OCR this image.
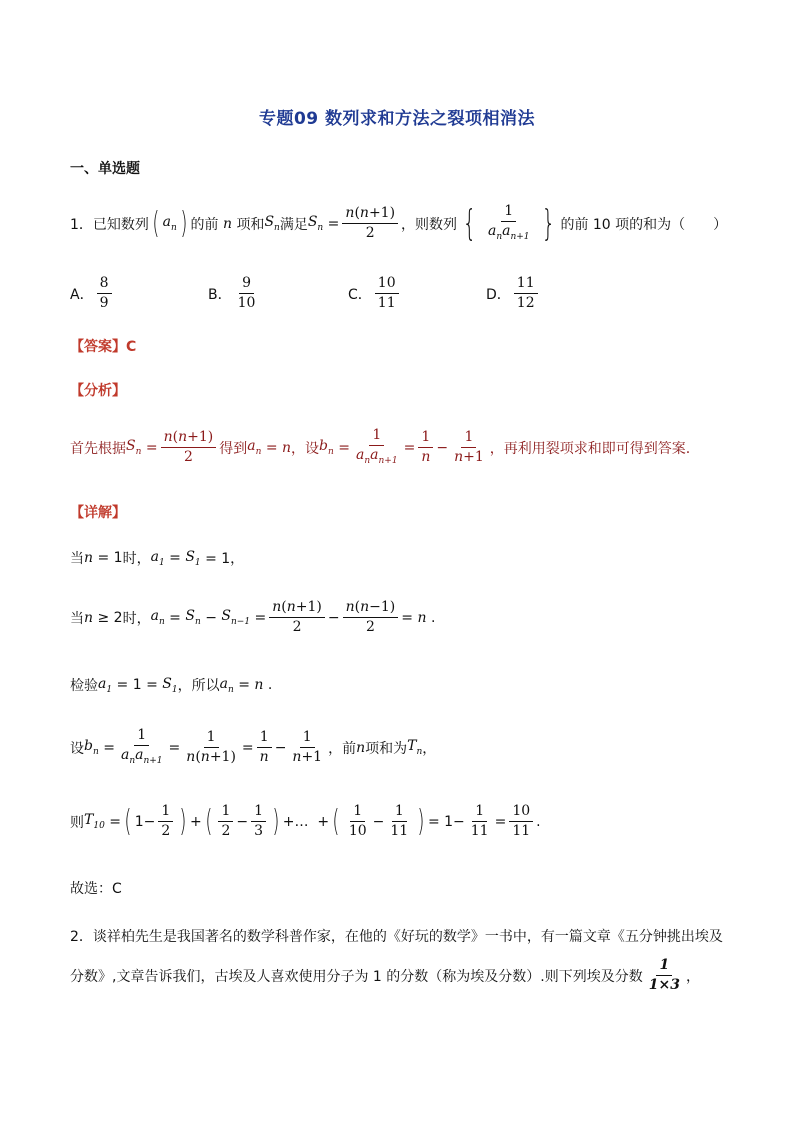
专题09 数列求和方法之裂项相消法
一、单选题
1． 已知数列 ( $a_n$ ) 的前 n 项和 $S_n$ 满足 $S_n = \frac{n(n+1)}{2}$ ，则数列 { $\frac{1}{a_na_{n+1}}$ } 的前 10 项的和为（　　）
A． $\frac{8}{9}$	B． $\frac{9}{10}$	C． $\frac{10}{11}$	D． $\frac{11}{12}$
【答案】C
【分析】
首先根据 $S_n = \frac{n(n+1)}{2}$ 得到 $a_n = n$ ，设 $b_n = \frac{1}{a_na_{n+1}} = \frac{1}{n} - \frac{1}{n+1}$ ，再利用裂项求和即可得到答案.
【详解】
当 n = 1 时， $a_1 = S_1 = 1$，
当 n ≥ 2 时， $a_n = S_n - S_{n-1} = \frac{n(n+1)}{2} - \frac{n(n-1)}{2} = n$ .
检验 $a_1 = 1 = S_1$ ，所以 $a_n = n$ .
设 $b_n = \frac{1}{a_na_{n+1}} = \frac{1}{n(n+1)} = \frac{1}{n} - \frac{1}{n+1}$ ，前 n 项和为 $T_n$ ，
则 $T_{10}$ = ( $1- \frac{1}{2}$ ) + ( $\frac{1}{2} - \frac{1}{3}$ ) +…  + ( $\frac{1}{10} - \frac{1}{11}$ ) = $1- \frac{1}{11} = \frac{10}{11}$ .
故选：C
2．谈祥柏先生是我国著名的数学科普作家，在他的《好玩的数学》一书中，有一篇文章《五分钟挑出埃及
分数》,文章告诉我们，古埃及人喜欢使用分子为 1 的分数（称为埃及分数）.则下列埃及分数 $\frac{1}{1\times 3}$ ，
